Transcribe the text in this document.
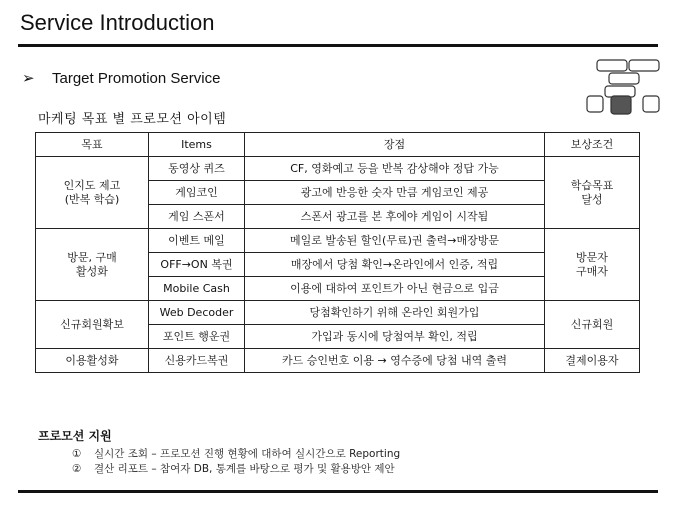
Service Introduction
➢ Target Promotion Service
마케팅 목표 별 프로모션 아이템
목표	Items	장점	보상조건
인지도 제고
(반복 학습)	동영상 퀴즈	CF, 영화예고 등을 반복 감상해야 정답 가능	학습목표
달성
	게임코인	광고에 반응한 숫자 만큼 게임코인 제공	
	게임 스폰서	스폰서 광고를 본 후에야 게임이 시작됨	
방문, 구매
활성화	이벤트 메일	메일로 발송된 할인(무료)권 출력→매장방문	방문자
구매자
	OFF→ON 복권	매장에서 당첨 확인→온라인에서 인증, 적립	
	Mobile Cash	이용에 대하여 포인트가 아닌 현금으로 입금	
신규회원확보	Web Decoder	당첨확인하기 위해 온라인 회원가입	신규회원
	포인트 행운권	가입과 동시에 당첨여부 확인, 적립	
이용활성화	신용카드복권	카드 승인번호 이용 → 영수증에 당첨 내역 출력	결제이용자
프로모션 지원
① 실시간 조회 – 프로모션 진행 현황에 대하여 실시간으로 Reporting
② 결산 리포트 – 참여자 DB, 통계를 바탕으로 평가 및 활용방안 제안
